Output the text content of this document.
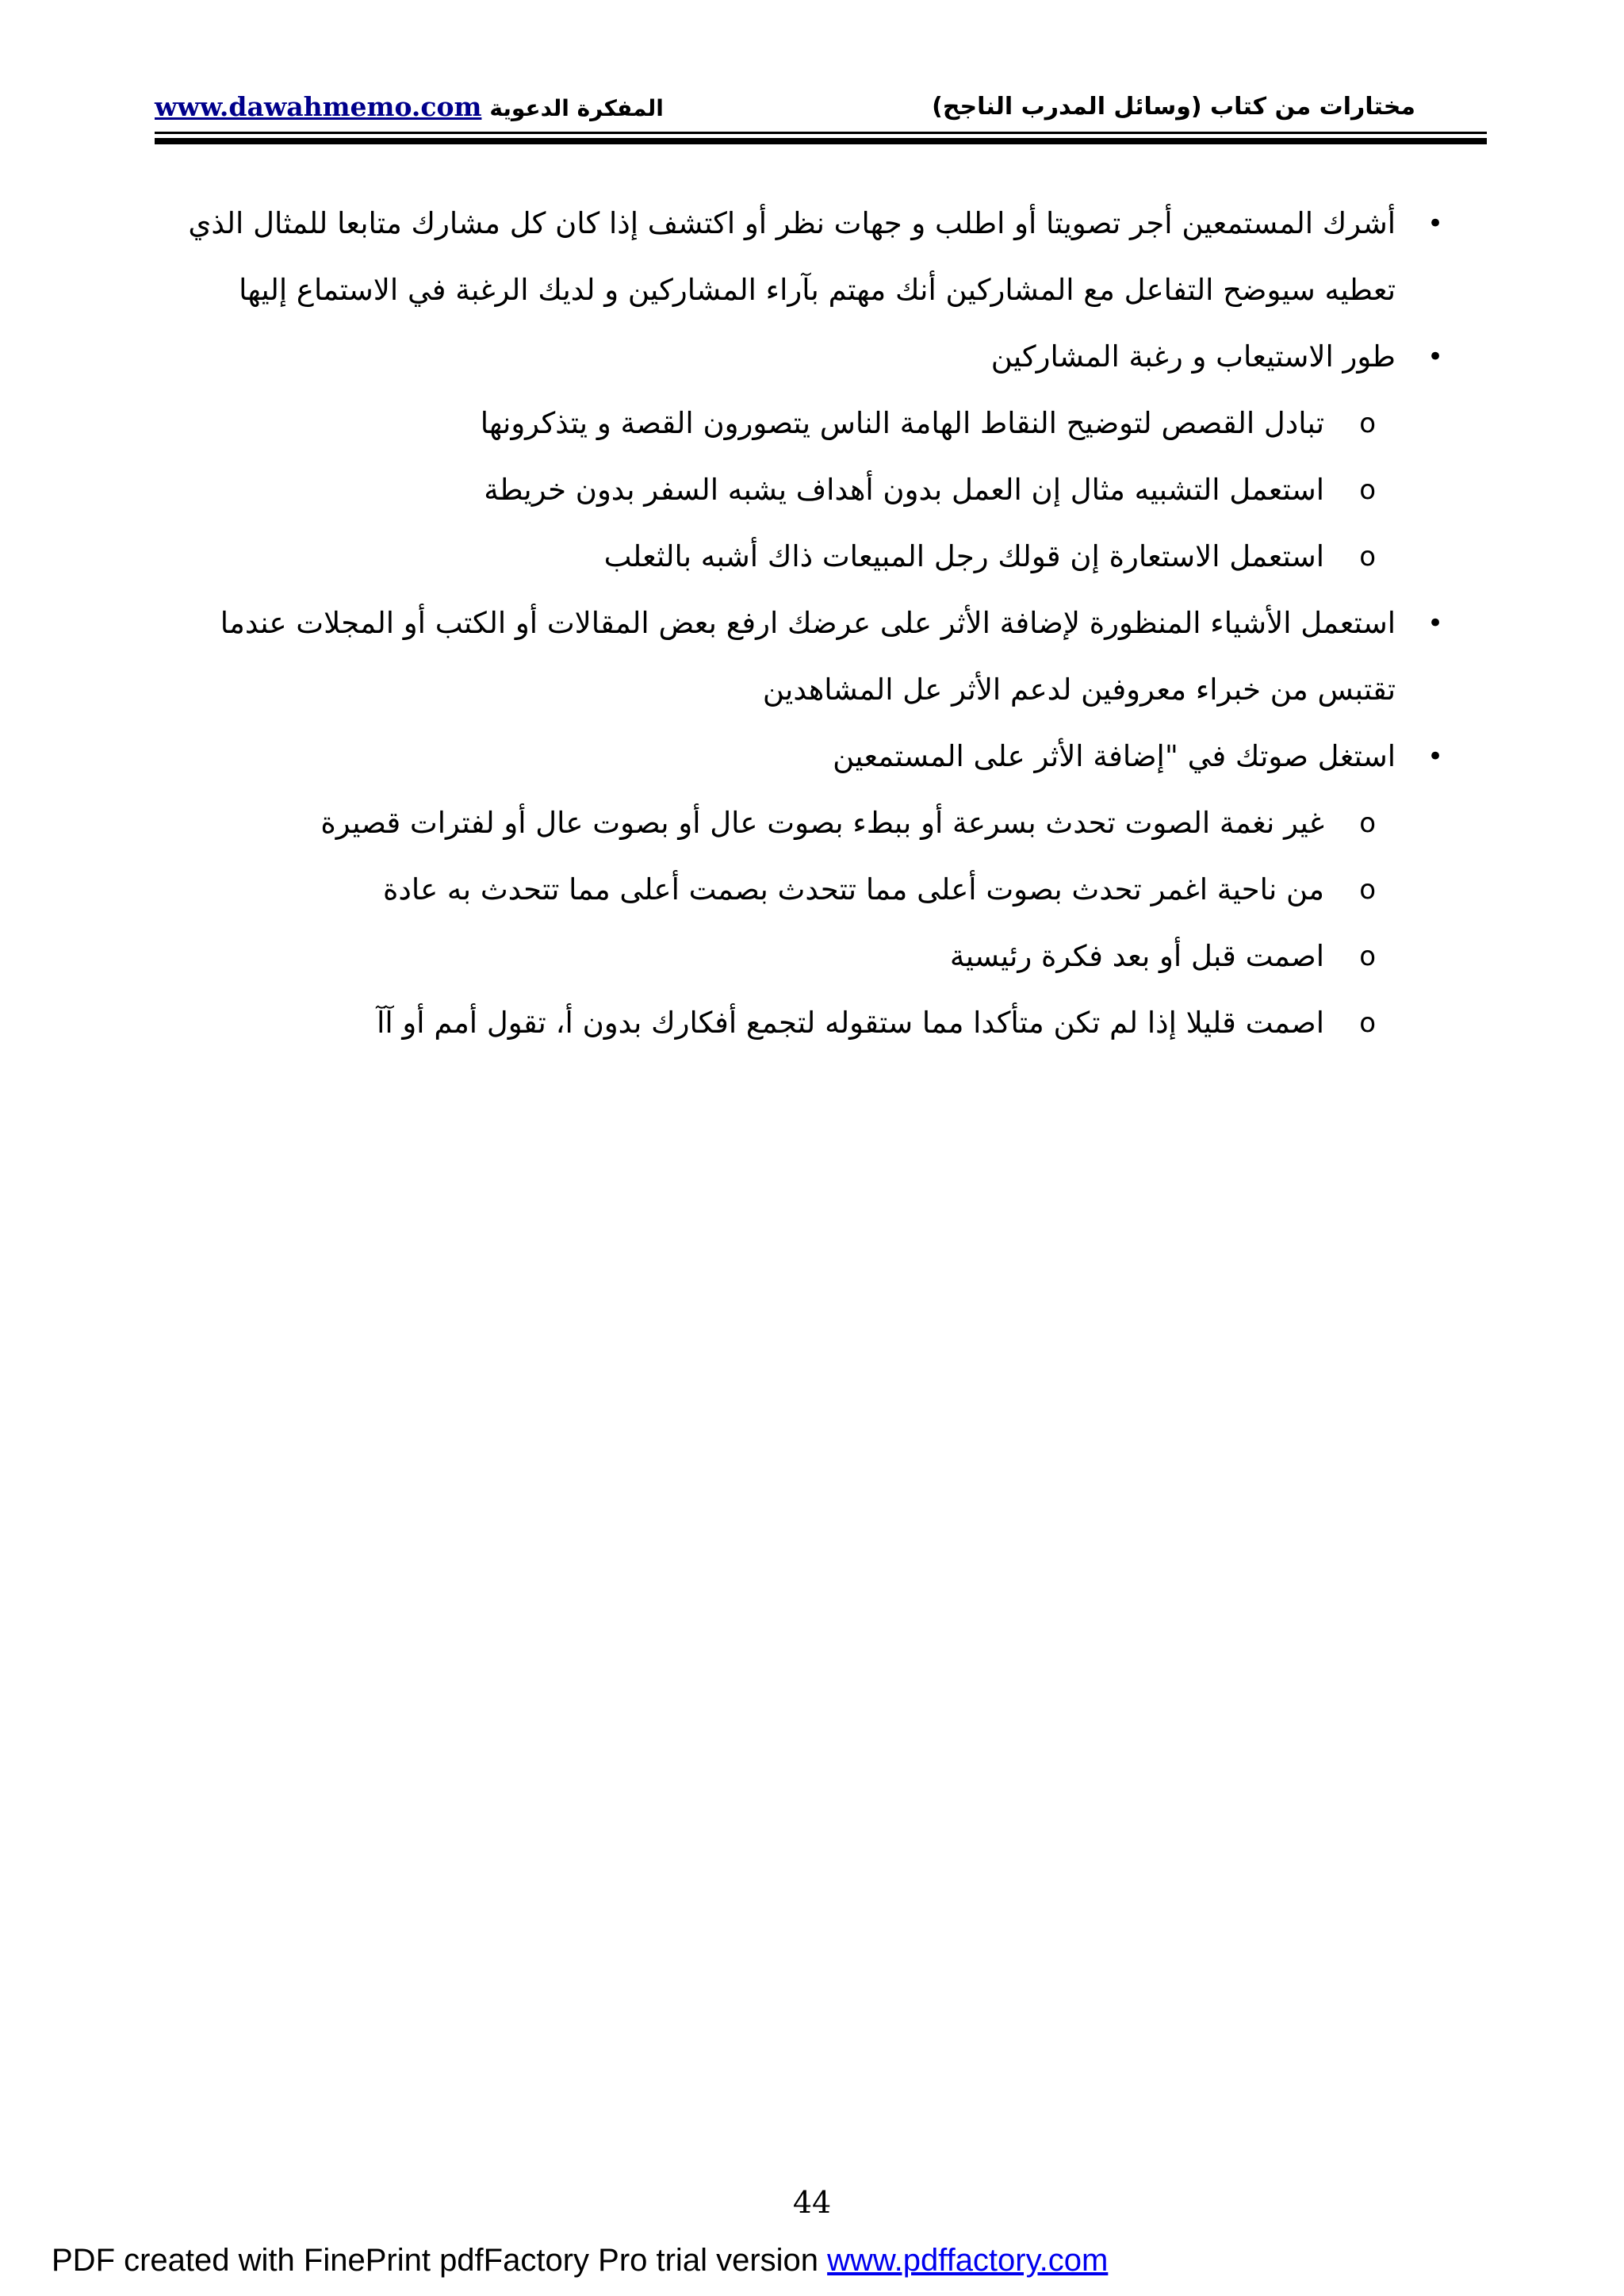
www.dawahmemo.com المفكرة الدعوية	مختارات من كتاب (وسائل المدرب الناجح)
•
أشرك المستمعين أجر تصويتا أو اطلب و جهات نظر أو اكتشف إذا كان كل مشارك متابعا للمثال الذي تعطيه سيوضح التفاعل مع المشاركين أنك مهتم بآراء المشاركين و لديك الرغبة في الاستماع إليها
•
طور الاستيعاب و رغبة المشاركين
o
تبادل القصص لتوضيح النقاط الهامة الناس يتصورون القصة و يتذكرونها
o
استعمل التشبيه مثال إن العمل بدون أهداف يشبه السفر بدون خريطة
o
استعمل الاستعارة إن قولك رجل المبيعات ذاك أشبه بالثعلب
•
استعمل الأشياء المنظورة لإضافة الأثر على عرضك ارفع بعض المقالات أو الكتب أو المجلات عندما تقتبس من خبراء معروفين لدعم الأثر عل المشاهدين
•
استغل صوتك في "إضافة الأثر على المستمعين
o
غير نغمة الصوت تحدث بسرعة أو ببطء بصوت عال أو بصوت عال أو لفترات قصيرة
o
من ناحية اغمر تحدث بصوت أعلى مما تتحدث بصمت أعلى مما تتحدث به عادة
o
اصمت قبل أو بعد فكرة رئيسية
o
اصمت قليلا إذا لم تكن متأكدا مما ستقوله لتجمع أفكارك بدون أ، تقول أمم أو آآ
44
PDF created with FinePrint pdfFactory Pro trial version www.pdffactory.com
